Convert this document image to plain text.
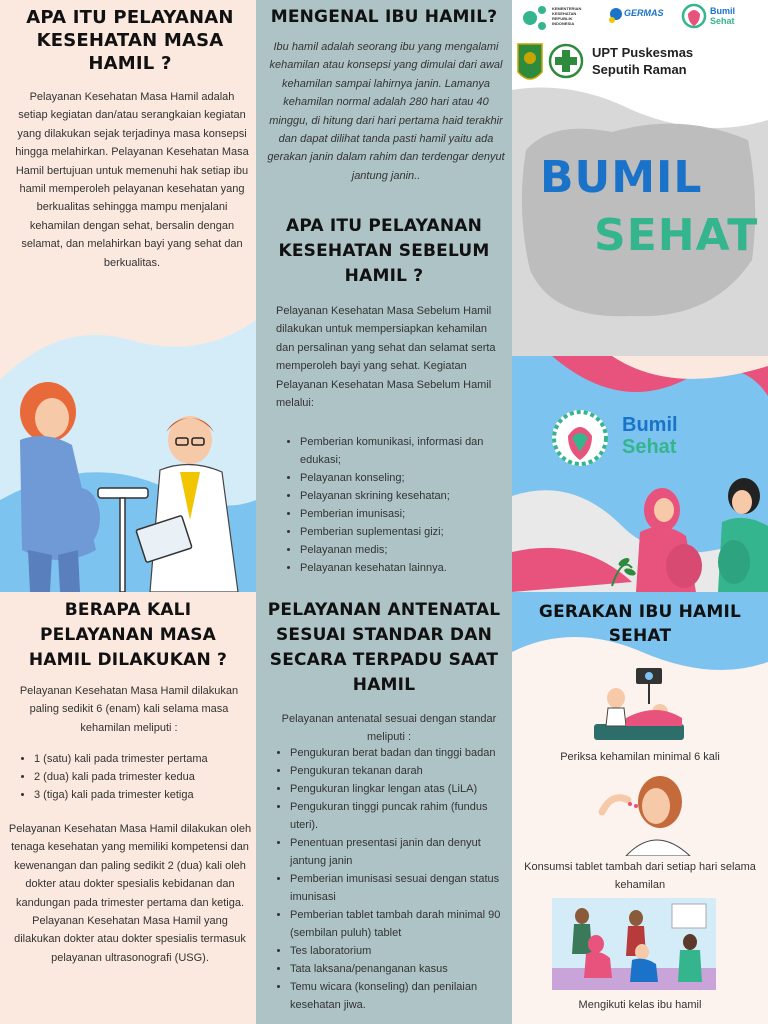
APA ITU PELAYANAN KESEHATAN MASA HAMIL ?

Pelayanan Kesehatan Masa Hamil adalah setiap kegiatan dan/atau serangkaian kegiatan yang dilakukan sejak terjadinya masa konsepsi hingga melahirkan. Pelayanan Kesehatan Masa Hamil bertujuan untuk memenuhi hak setiap ibu hamil memperoleh pelayanan kesehatan yang berkualitas sehingga mampu menjalani kehamilan dengan sehat, bersalin dengan selamat, dan melahirkan bayi yang sehat dan berkualitas.

MENGENAL IBU HAMIL?

Ibu hamil adalah seorang ibu yang mengalami kehamilan atau konsepsi yang dimulai dari awal kehamilan sampai lahirnya janin. Lamanya kehamilan normal adalah 280 hari atau 40 minggu, di hitung dari hari pertama haid terakhir dan dapat dilihat tanda pasti hamil yaitu ada gerakan janin dalam rahim dan terdengar denyut jantung janin..

APA ITU PELAYANAN KESEHATAN SEBELUM HAMIL ?

Pelayanan Kesehatan Masa Sebelum Hamil dilakukan untuk mempersiapkan kehamilan dan persalinan yang sehat dan selamat serta memperoleh bayi yang sehat. Kegiatan Pelayanan Kesehatan Masa Sebelum Hamil melalui:

• Pemberian komunikasi, informasi dan edukasi;
• Pelayanan konseling;
• Pelayanan skrining kesehatan;
• Pemberian imunisasi;
• Pemberian suplementasi gizi;
• Pelayanan medis;
• Pelayanan kesehatan lainnya.
KEMENTERIAN
KESEHATAN
REPUBLIK
INDONESIA
GERMAS	Bumil
Sehat
UPT Puskesmas
Seputih Raman
BUMIL
SEHAT
Bumil
Sehat
BERAPA KALI PELAYANAN MASA HAMIL DILAKUKAN ?

Pelayanan Kesehatan Masa Hamil dilakukan paling sedikit 6 (enam) kali selama masa kehamilan meliputi :

• 1 (satu) kali pada trimester pertama
• 2 (dua) kali pada trimester kedua
• 3 (tiga) kali pada trimester ketiga

Pelayanan Kesehatan Masa Hamil dilakukan oleh tenaga kesehatan yang memiliki kompetensi dan kewenangan dan paling sedikit 2 (dua) kali oleh dokter atau dokter spesialis kebidanan dan kandungan pada trimester pertama dan ketiga. Pelayanan Kesehatan Masa Hamil yang dilakukan dokter atau dokter spesialis termasuk pelayanan ultrasonografi (USG).

PELAYANAN ANTENATAL SESUAI STANDAR DAN SECARA TERPADU SAAT HAMIL

Pelayanan antenatal sesuai dengan standar meliputi :

• Pengukuran berat badan dan tinggi badan
• Pengukuran tekanan darah
• Pengukuran lingkar lengan atas (LiLA)
• Pengukuran tinggi puncak rahim (fundus uteri).
• Penentuan presentasi janin dan denyut jantung janin
• Pemberian imunisasi sesuai dengan status imunisasi
• Pemberian tablet tambah darah minimal 90 (sembilan puluh) tablet
• Tes laboratorium
• Tata laksana/penanganan kasus
• Temu wicara (konseling) dan penilaian kesehatan jiwa.
GERAKAN IBU HAMIL SEHAT

Periksa kehamilan minimal 6 kali

Konsumsi tablet tambah dari setiap hari selama kehamilan

Mengikuti kelas ibu hamil
